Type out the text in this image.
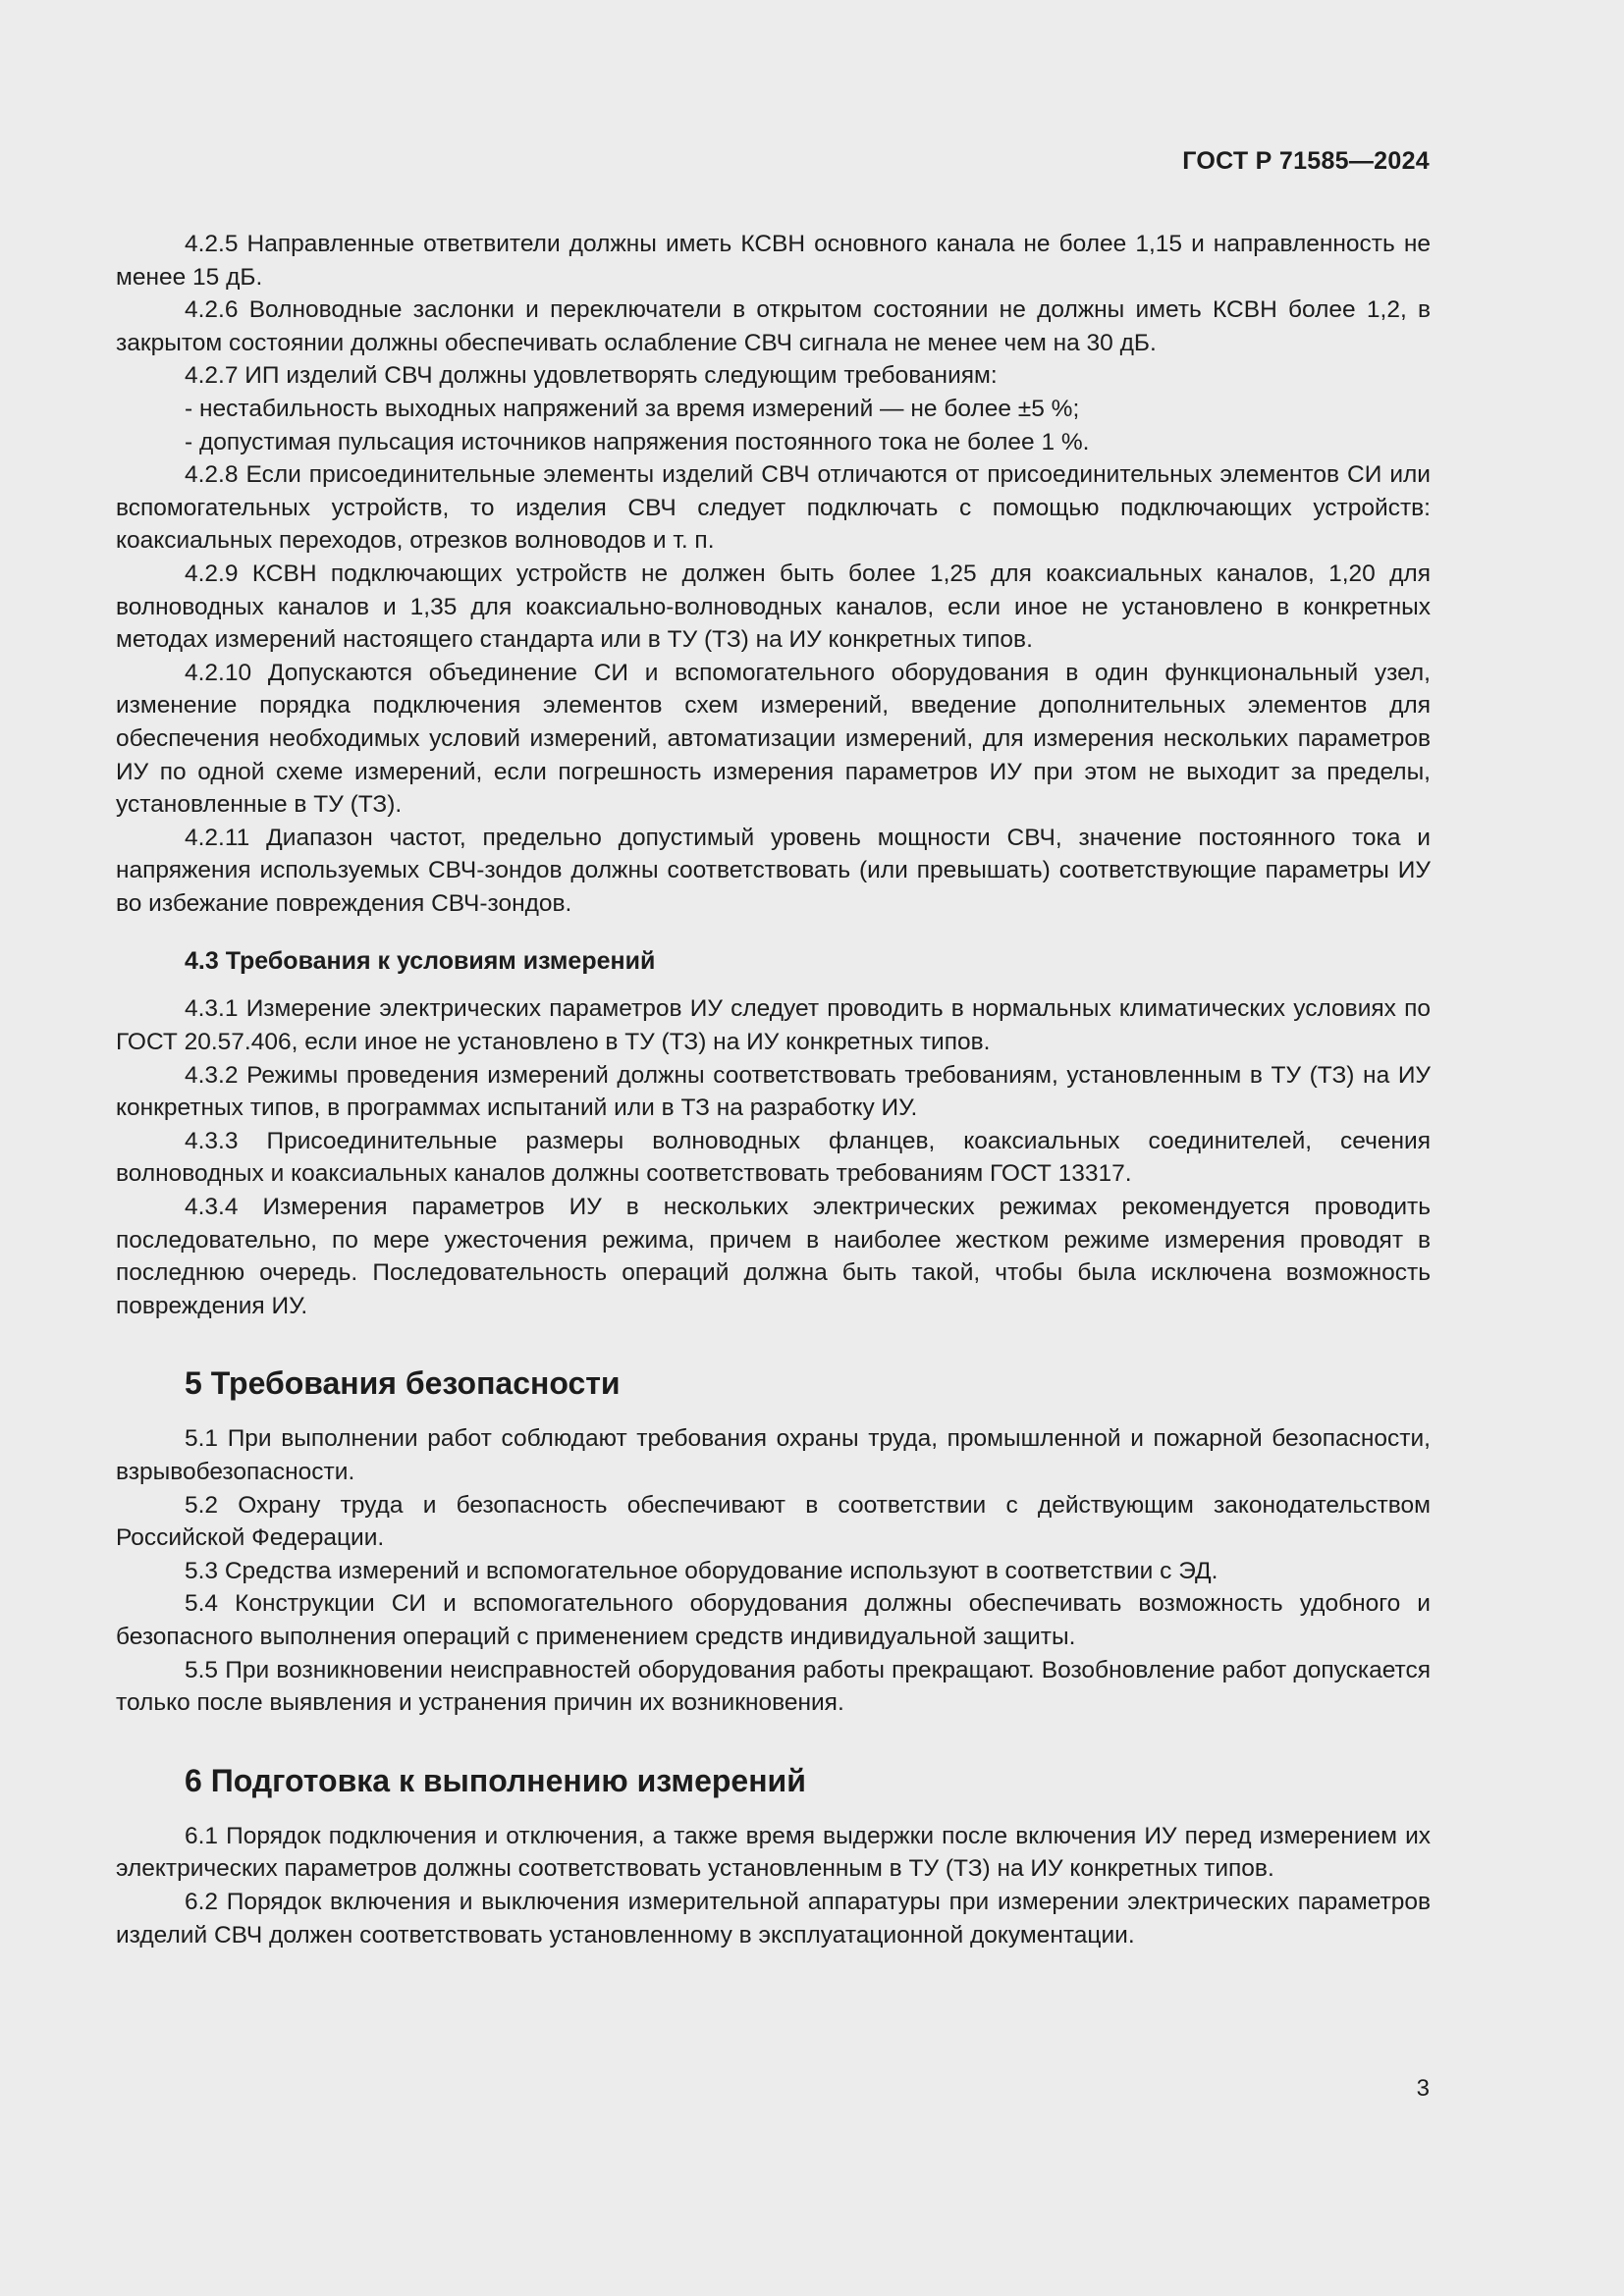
ГОСТ Р 71585—2024

4.2.5 Направленные ответвители должны иметь КСВН основного канала не более 1,15 и направленность не менее 15 дБ.

4.2.6 Волноводные заслонки и переключатели в открытом состоянии не должны иметь КСВН более 1,2, в закрытом состоянии должны обеспечивать ослабление СВЧ сигнала не менее чем на 30 дБ.

4.2.7 ИП изделий СВЧ должны удовлетворять следующим требованиям:

- нестабильность выходных напряжений за время измерений — не более ±5 %;

- допустимая пульсация источников напряжения постоянного тока не более 1 %.

4.2.8 Если присоединительные элементы изделий СВЧ отличаются от присоединительных элементов СИ или вспомогательных устройств, то изделия СВЧ следует подключать с помощью подключающих устройств: коаксиальных переходов, отрезков волноводов и т. п.

4.2.9 КСВН подключающих устройств не должен быть более 1,25 для коаксиальных каналов, 1,20 для волноводных каналов и 1,35 для коаксиально-волноводных каналов, если иное не установлено в конкретных методах измерений настоящего стандарта или в ТУ (ТЗ) на ИУ конкретных типов.

4.2.10 Допускаются объединение СИ и вспомогательного оборудования в один функциональный узел, изменение порядка подключения элементов схем измерений, введение дополнительных элементов для обеспечения необходимых условий измерений, автоматизации измерений, для измерения нескольких параметров ИУ по одной схеме измерений, если погрешность измерения параметров ИУ при этом не выходит за пределы, установленные в ТУ (ТЗ).

4.2.11 Диапазон частот, предельно допустимый уровень мощности СВЧ, значение постоянного тока и напряжения используемых СВЧ-зондов должны соответствовать (или превышать) соответствующие параметры ИУ во избежание повреждения СВЧ-зондов.

4.3 Требования к условиям измерений

4.3.1 Измерение электрических параметров ИУ следует проводить в нормальных климатических условиях по ГОСТ 20.57.406, если иное не установлено в ТУ (ТЗ) на ИУ конкретных типов.

4.3.2 Режимы проведения измерений должны соответствовать требованиям, установленным в ТУ (ТЗ) на ИУ конкретных типов, в программах испытаний или в ТЗ на разработку ИУ.

4.3.3 Присоединительные размеры волноводных фланцев, коаксиальных соединителей, сечения волноводных и коаксиальных каналов должны соответствовать требованиям ГОСТ 13317.

4.3.4 Измерения параметров ИУ в нескольких электрических режимах рекомендуется проводить последовательно, по мере ужесточения режима, причем в наиболее жестком режиме измерения проводят в последнюю очередь. Последовательность операций должна быть такой, чтобы была исключена возможность повреждения ИУ.

5 Требования безопасности

5.1 При выполнении работ соблюдают требования охраны труда, промышленной и пожарной безопасности, взрывобезопасности.

5.2 Охрану труда и безопасность обеспечивают в соответствии с действующим законодательством Российской Федерации.

5.3 Средства измерений и вспомогательное оборудование используют в соответствии с ЭД.

5.4 Конструкции СИ и вспомогательного оборудования должны обеспечивать возможность удобного и безопасного выполнения операций с применением средств индивидуальной защиты.

5.5 При возникновении неисправностей оборудования работы прекращают. Возобновление работ допускается только после выявления и устранения причин их возникновения.

6 Подготовка к выполнению измерений

6.1 Порядок подключения и отключения, а также время выдержки после включения ИУ перед измерением их электрических параметров должны соответствовать установленным в ТУ (ТЗ) на ИУ конкретных типов.

6.2 Порядок включения и выключения измерительной аппаратуры при измерении электрических параметров изделий СВЧ должен соответствовать установленному в эксплуатационной документации.

3
